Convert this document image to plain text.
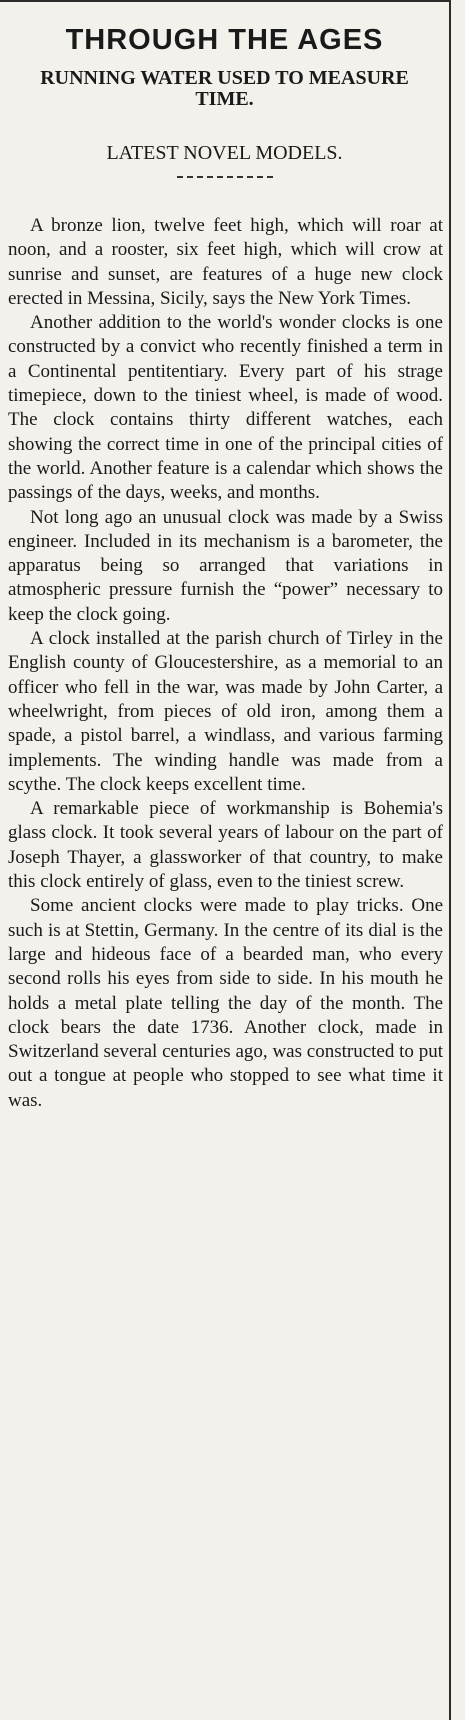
THROUGH THE AGES
RUNNING WATER USED TO MEASURE TIME.
LATEST NOVEL MODELS.

A bronze lion, twelve feet high, which will roar at noon, and a rooster, six feet high, which will crow at sunrise and sunset, are features of a huge new clock erected in Messina, Sicily, says the New York Times.

Another addition to the world's wonder clocks is one constructed by a convict who recently finished a term in a Continental pentitentiary. Every part of his strage timepiece, down to the tiniest wheel, is made of wood. The clock contains thirty different watches, each showing the correct time in one of the principal cities of the world. Another feature is a calendar which shows the passings of the days, weeks, and months.

Not long ago an unusual clock was made by a Swiss engineer. Included in its mechanism is a barometer, the apparatus being so arranged that variations in atmospheric pressure furnish the “power” necessary to keep the clock going.

A clock installed at the parish church of Tirley in the English county of Gloucestershire, as a memorial to an officer who fell in the war, was made by John Carter, a wheelwright, from pieces of old iron, among them a spade, a pistol barrel, a windlass, and various farming implements. The winding handle was made from a scythe. The clock keeps excellent time.

A remarkable piece of workmanship is Bohemia's glass clock. It took several years of labour on the part of Joseph Thayer, a glassworker of that country, to make this clock entirely of glass, even to the tiniest screw.

Some ancient clocks were made to play tricks. One such is at Stettin, Germany. In the centre of its dial is the large and hideous face of a bearded man, who every second rolls his eyes from side to side. In his mouth he holds a metal plate telling the day of the month. The clock bears the date 1736. Another clock, made in Switzerland several centuries ago, was constructed to put out a tongue at people who stopped to see what time it was.
